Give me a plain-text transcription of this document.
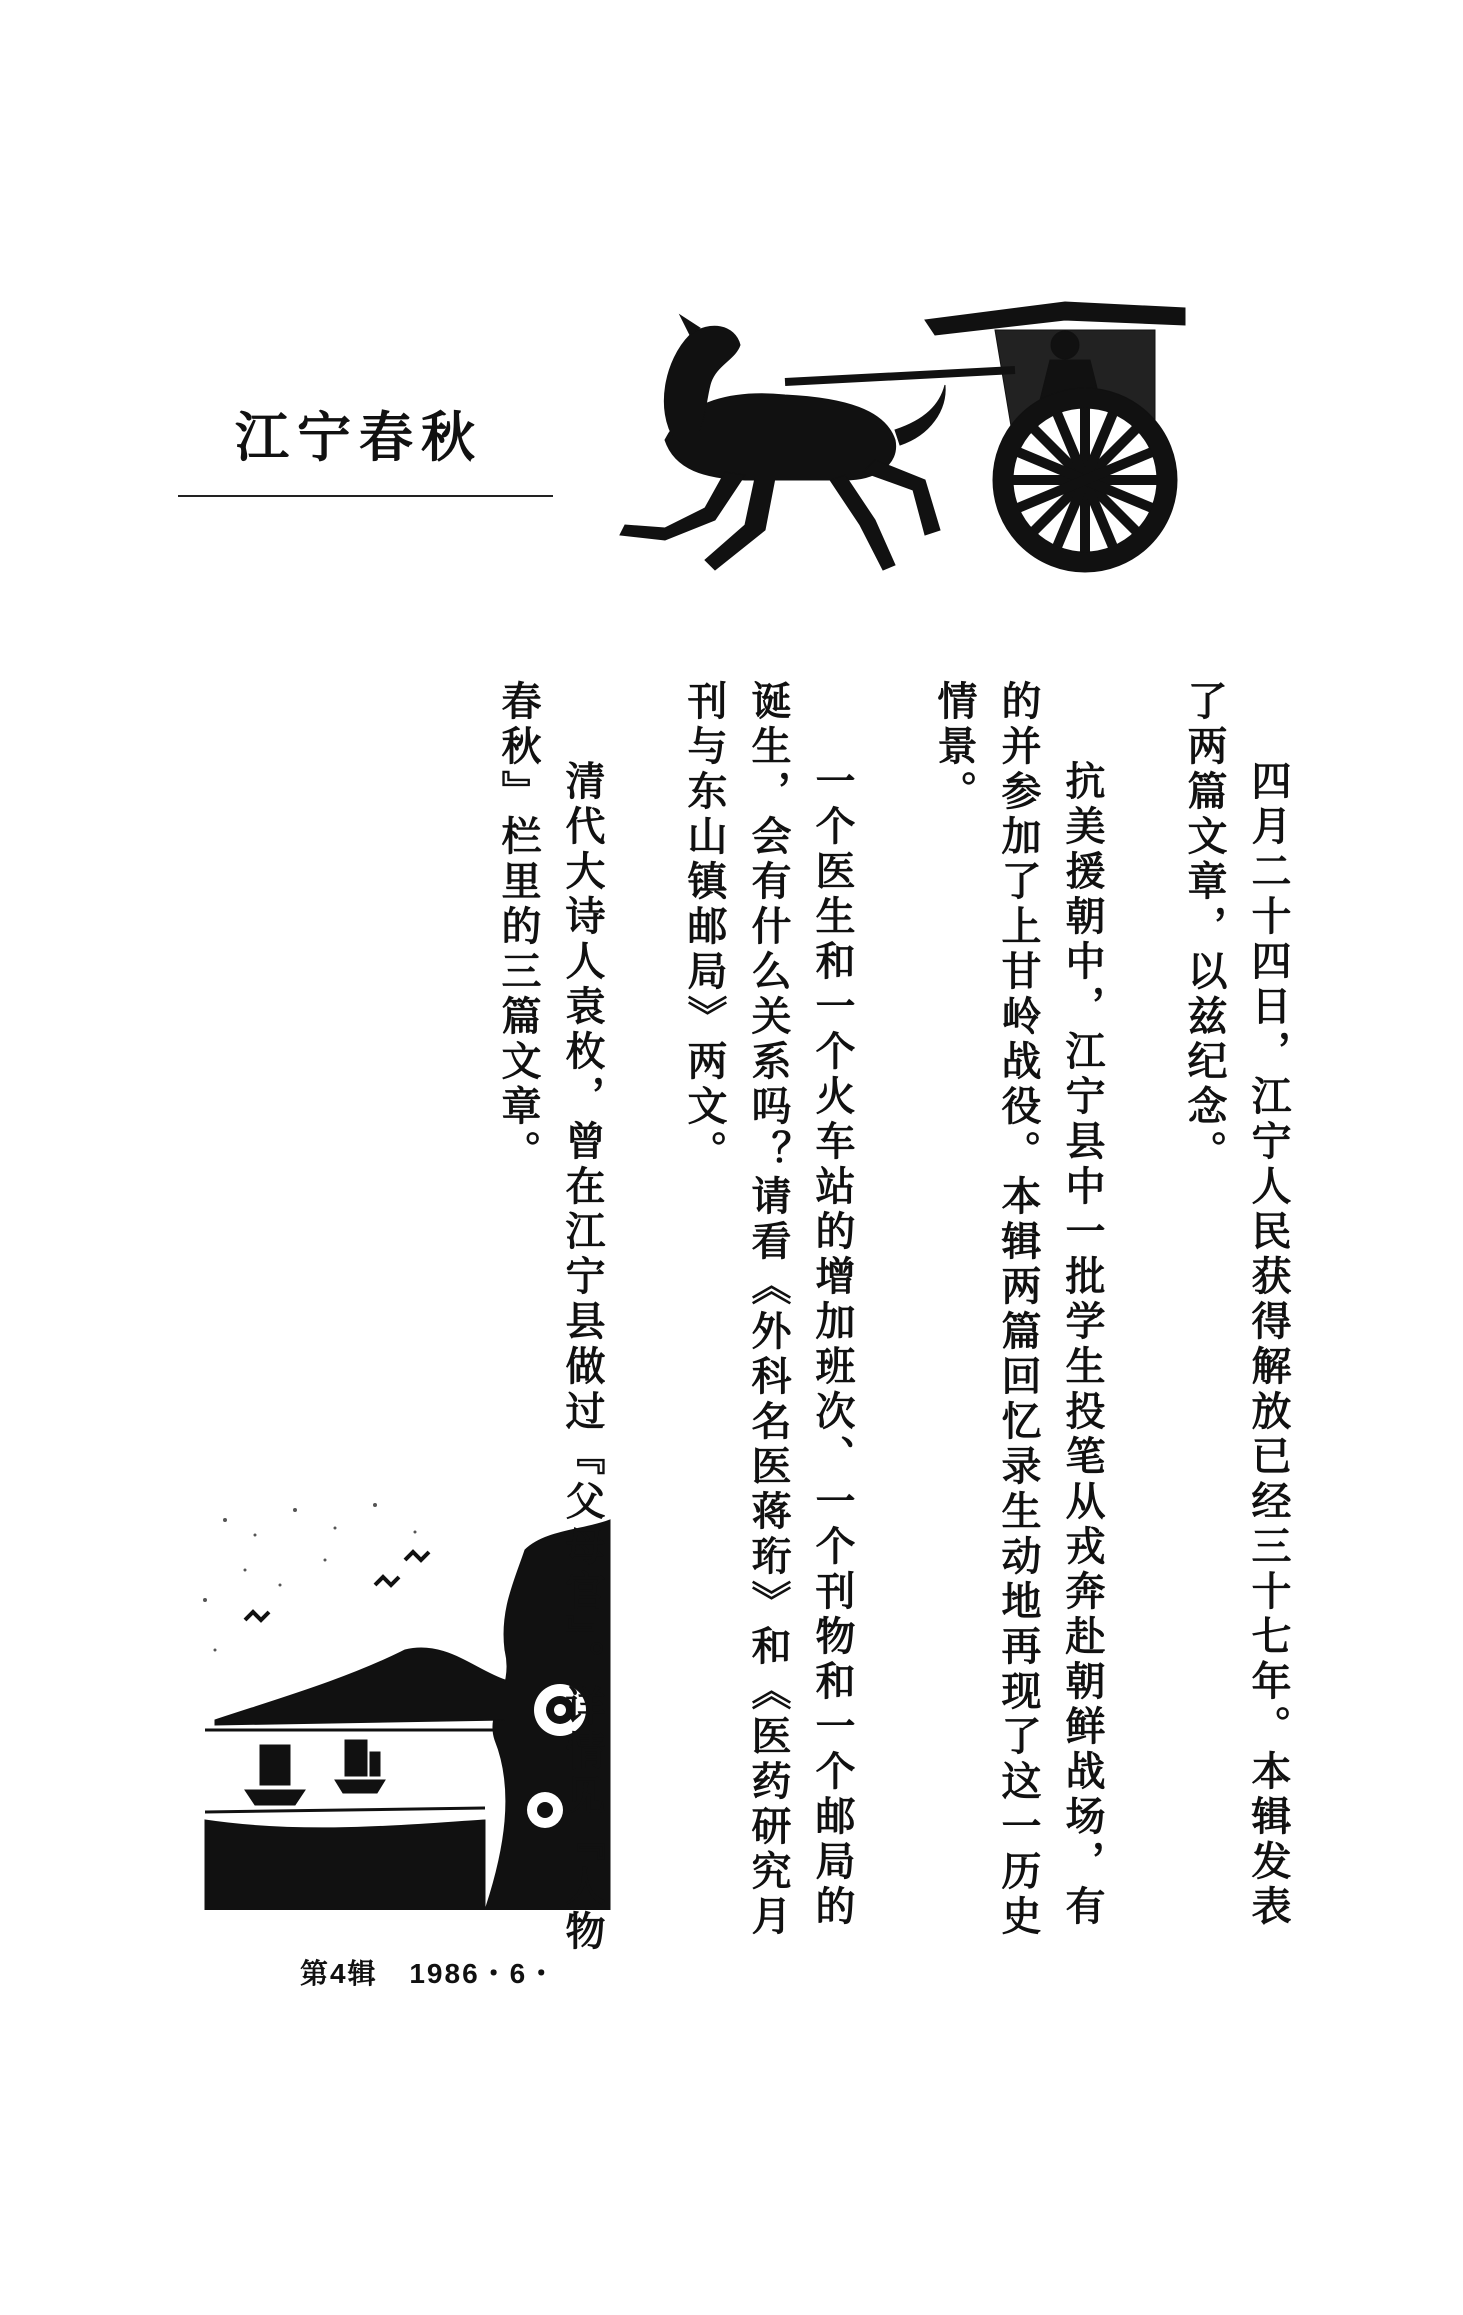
江宁春秋

四月二十四日，江宁人民获得解放已经三十七年。本辑发表了两篇文章，以兹纪念。

抗美援朝中，江宁县中一批学生投笔从戎奔赴朝鲜战场，有的并参加了上甘岭战役。本辑两篇回忆录生动地再现了这一历史情景。

一个医生和一个火车站的增加班次、一个刊物和一个邮局的诞生，会有什么关系吗？请看《外科名医蒋珩》和《医药研究月刊与东山镇邮局》两文。

清代大诗人袁枚，曾在江宁县做过『父母官』。详情见『人物春秋』栏里的三篇文章。

第4辑 1986・6・
